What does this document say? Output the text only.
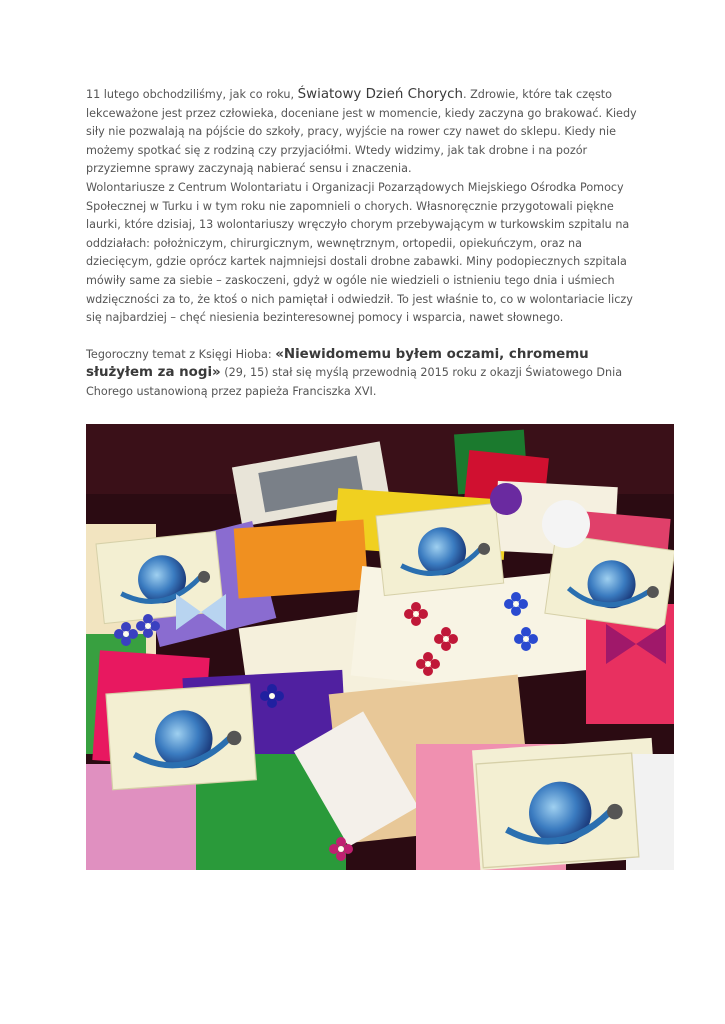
11 lutego obchodziliśmy, jak co roku, Światowy Dzień Chorych. Zdrowie, które tak często lekceważone jest przez człowieka, doceniane jest w momencie, kiedy zaczyna go brakować. Kiedy siły nie pozwalają na pójście do szkoły, pracy, wyjście na rower czy nawet do sklepu. Kiedy nie możemy spotkać się z rodziną czy przyjaciółmi. Wtedy widzimy, jak tak drobne i na pozór przyziemne sprawy zaczynają nabierać sensu i znaczenia.

Wolontariusze z Centrum Wolontariatu i Organizacji Pozarządowych Miejskiego Ośrodka Pomocy Społecznej w Turku i w tym roku nie zapomnieli o chorych. Własnoręcznie przygotowali piękne laurki, które dzisiaj, 13 wolontariuszy wręczyło chorym przebywającym w turkowskim szpitalu na oddziałach: położniczym, chirurgicznym, wewnętrznym, ortopedii, opiekuńczym, oraz na dziecięcym, gdzie oprócz kartek najmniejsi dostali drobne zabawki. Miny podopiecznych szpitala mówiły same za siebie – zaskoczeni, gdyż w ogóle nie wiedzieli o istnieniu tego dnia i uśmiech wdzięczności za to, że ktoś o nich pamiętał i odwiedził. To jest właśnie to, co w wolontariacie liczy się najbardziej – chęć niesienia bezinteresownej pomocy i wsparcia, nawet słownego.

Tegoroczny temat z Księgi Hioba: «Niewidomemu byłem oczami, chromemu służyłem za nogi» (29, 15) stał się myślą przewodnią 2015 roku z okazji Światowego Dnia Chorego ustanowioną przez papieża Franciszka XVI.
